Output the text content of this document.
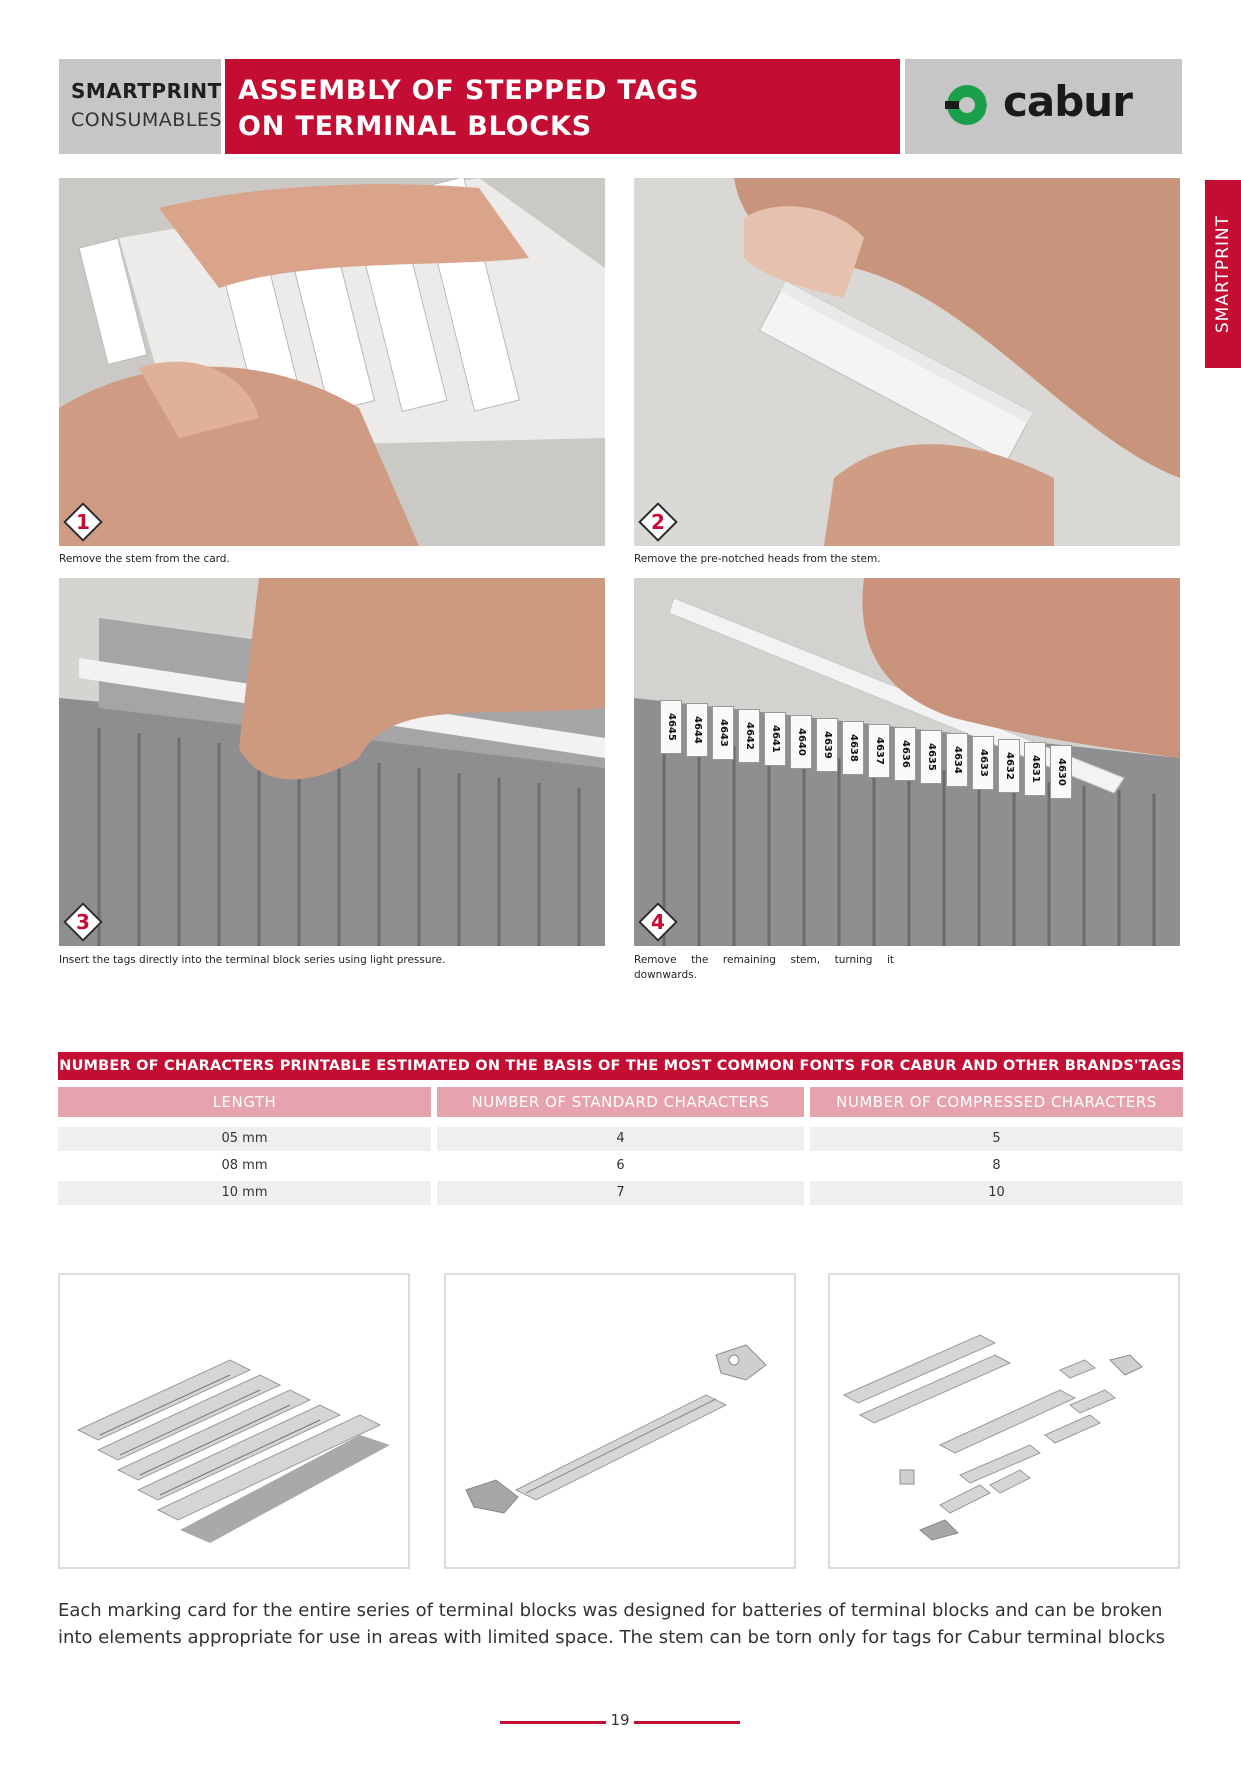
SMARTPRINT
CONSUMABLES
ASSEMBLY OF STEPPED TAGS
ON TERMINAL BLOCKS
cabur
SMARTPRINT
1
Remove the stem from the card.
2
Remove the pre-notched heads from the stem.
3
Insert the tags directly into the terminal block series using light pressure.
4
Remove the remaining stem, turning it downwards.
4645	4644	4643	4642	4641	4640	4639	4638	4637	4636	4635	4634	4633	4632	4631	4630
NUMBER OF CHARACTERS PRINTABLE ESTIMATED ON THE BASIS OF THE MOST COMMON FONTS FOR CABUR AND OTHER BRANDS'TAGS
LENGTH	NUMBER OF STANDARD CHARACTERS	NUMBER OF COMPRESSED CHARACTERS
05 mm	4	5
08 mm	6	8
10 mm	7	10
Each marking card for the entire series of terminal blocks was designed for batteries of terminal blocks and can be broken into elements appropriate for use in areas with limited space. The stem can be torn only for tags for Cabur terminal blocks
19
